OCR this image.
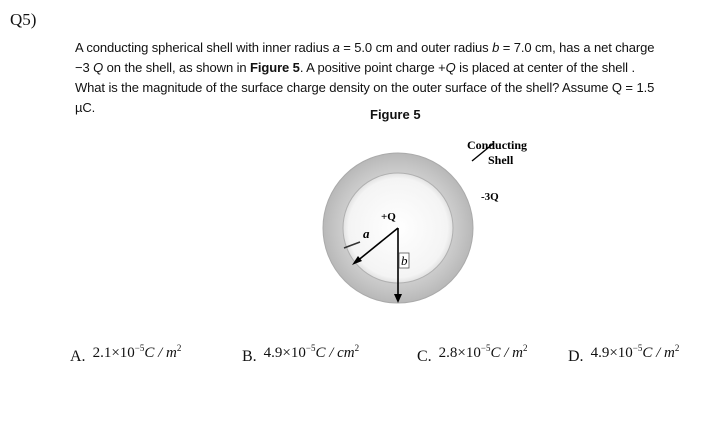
Q5)
A conducting spherical shell with inner radius a = 5.0 cm and outer radius b = 7.0 cm, has a net charge −3 Q on the shell, as shown in Figure 5. A positive point charge +Q is placed at center of the shell . What is the magnitude of the surface charge density on the outer surface of the shell? Assume Q = 1.5 µC.	Figure 5
Conducting
Shell
-3Q
+Q
a
b
A. $2.1\times 10^{-5}C / m^2$	B. $4.9\times 10^{-5}C / cm^2$	C. $2.8\times 10^{-5}C / m^2$	D. $4.9\times 10^{-5}C / m^2$
